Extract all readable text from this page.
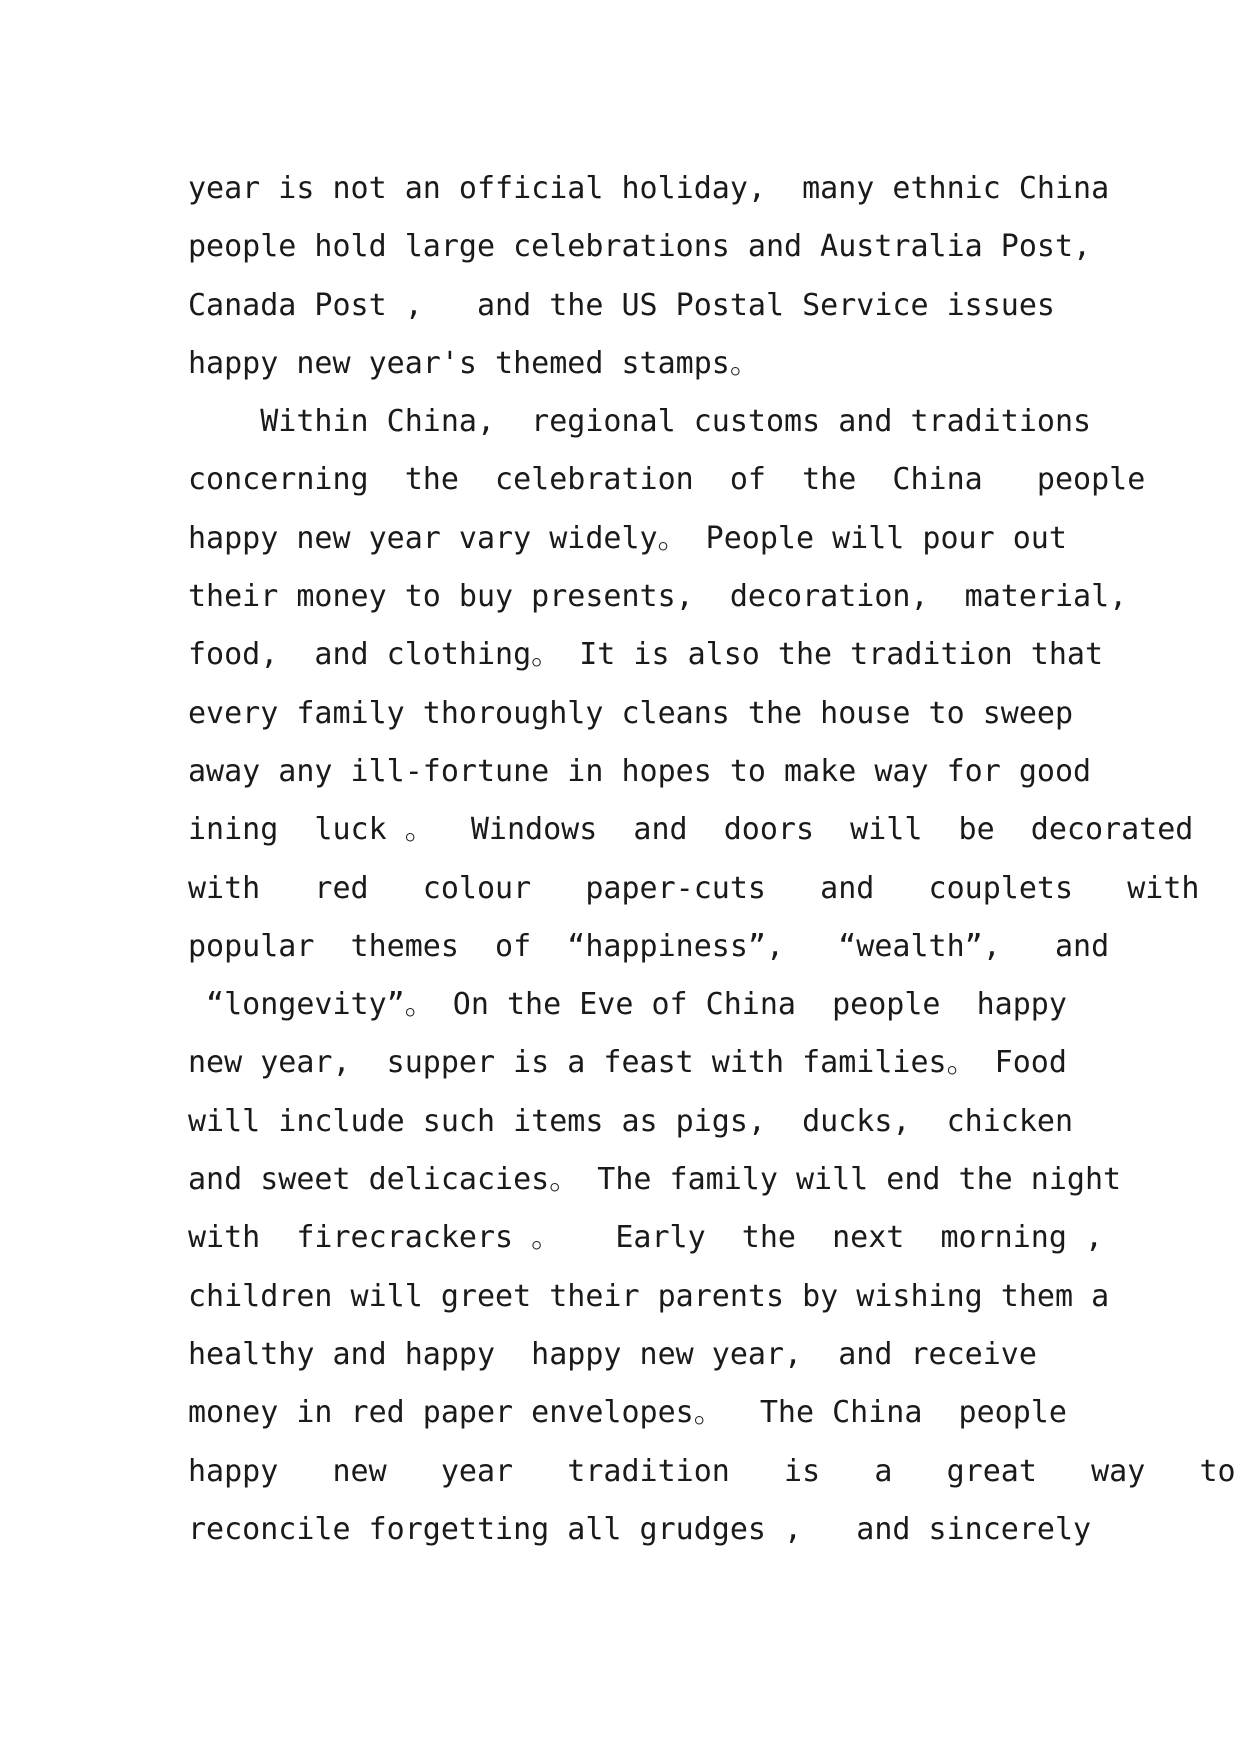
year is not an official holiday,  many ethnic China
people hold large celebrations and Australia Post,
Canada Post ,   and the US Postal Service issues
happy new year's themed stamps。
Within China,  regional customs and traditions
concerning  the  celebration  of  the  China   people
happy new year vary widely。 People will pour out
their money to buy presents,  decoration,  material,
food,  and clothing。 It is also the tradition that
every family thoroughly cleans the house to sweep
away any ill-fortune in hopes to make way for good
ining  luck 。  Windows  and  doors  will  be  decorated
with   red   colour   paper-cuts   and   couplets   with
popular  themes  of  “happiness”,   “wealth”,   and
“longevity”。 On the Eve of China  people  happy
new year,  supper is a feast with families。 Food
will include such items as pigs,  ducks,  chicken
and sweet delicacies。 The family will end the night
with  firecrackers 。   Early  the  next  morning ,
children will greet their parents by wishing them a
healthy and happy  happy new year,  and receive
money in red paper envelopes。  The China  people
happy   new   year   tradition   is   a   great   way   to
reconcile forgetting all grudges ,   and sincerely
